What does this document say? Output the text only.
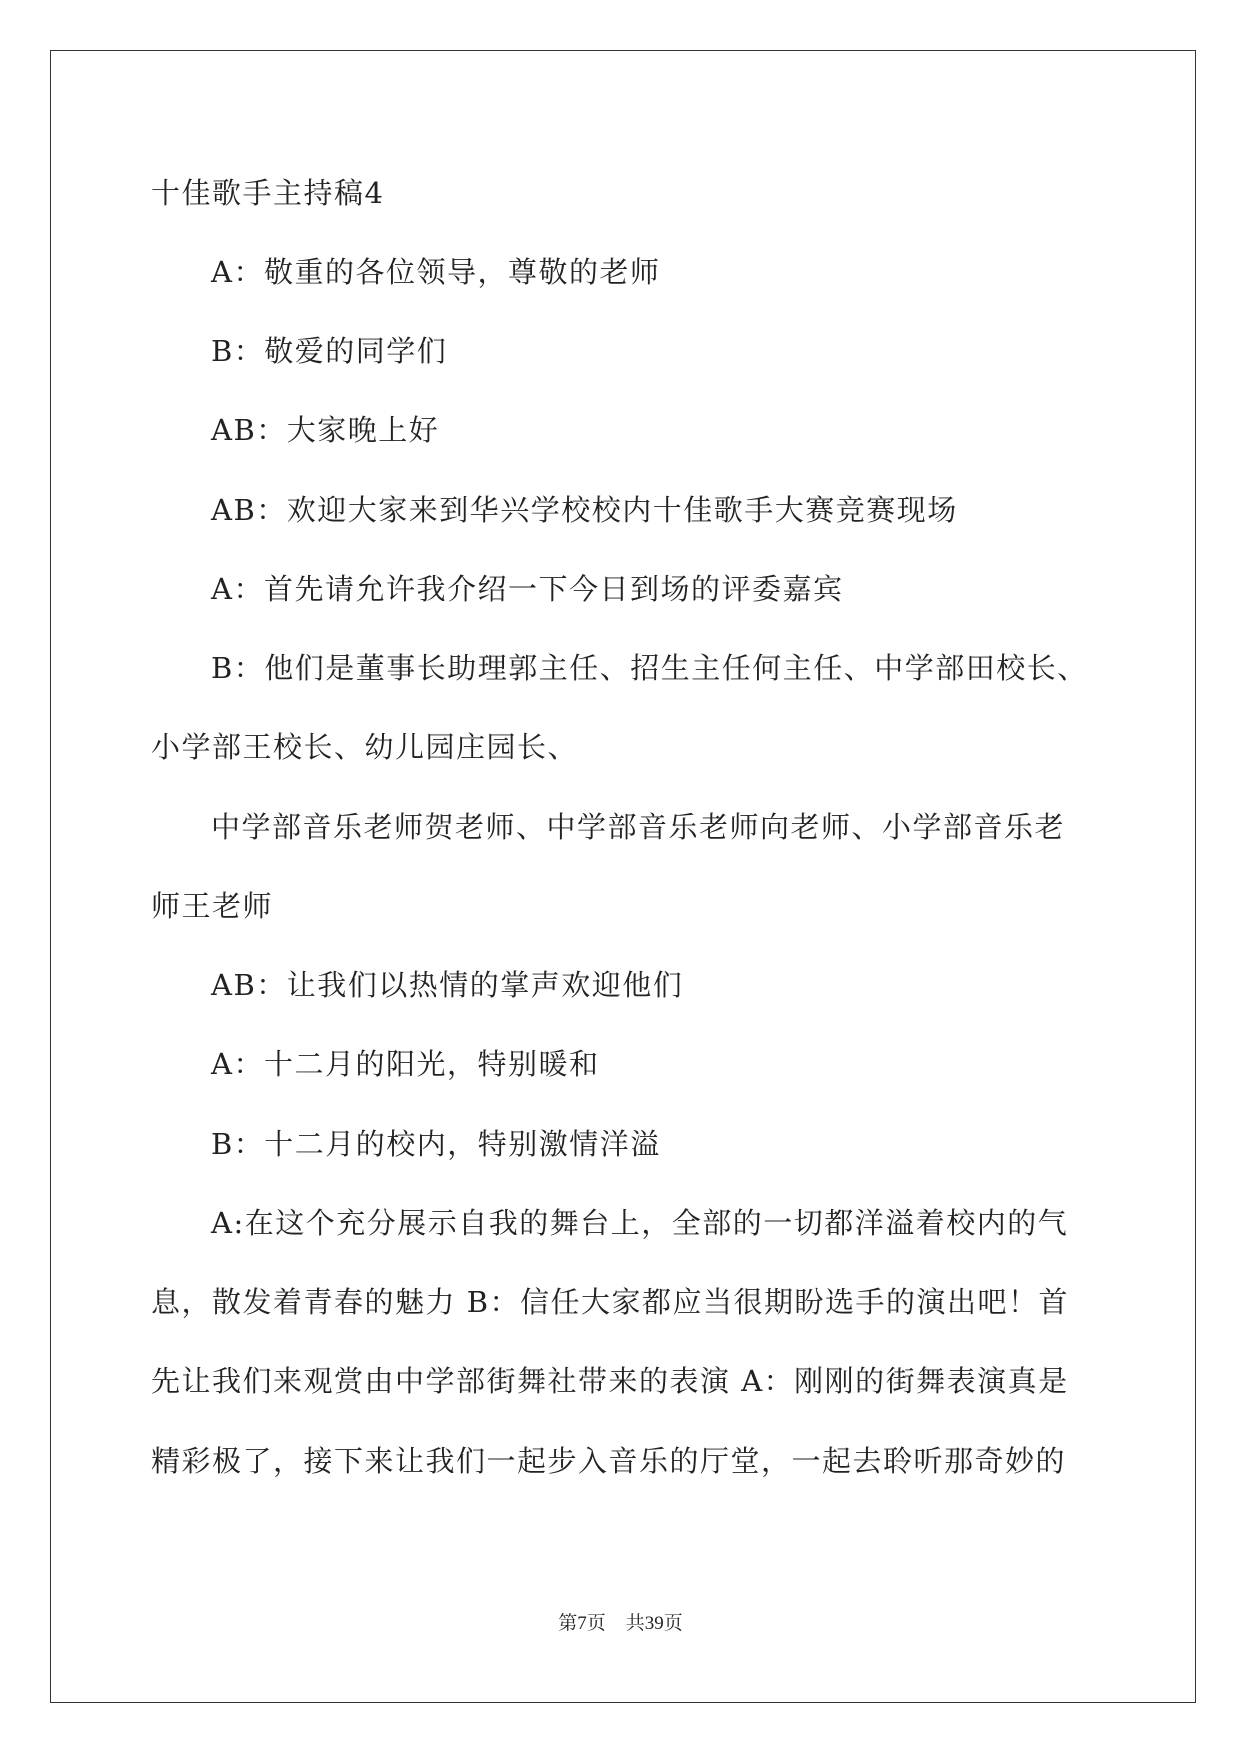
十佳歌手主持稿4
A：敬重的各位领导，尊敬的老师
B：敬爱的同学们
AB：大家晚上好
AB：欢迎大家来到华兴学校校内十佳歌手大赛竞赛现场
A：首先请允许我介绍一下今日到场的评委嘉宾
B：他们是董事长助理郭主任、招生主任何主任、中学部田校长、
小学部王校长、幼儿园庄园长、
中学部音乐老师贺老师、中学部音乐老师向老师、小学部音乐老
师王老师
AB：让我们以热情的掌声欢迎他们
A：十二月的阳光，特别暖和
B：十二月的校内，特别激情洋溢
A:在这个充分展示自我的舞台上，全部的一切都洋溢着校内的气
息，散发着青春的魅力 B：信任大家都应当很期盼选手的演出吧！首
先让我们来观赏由中学部街舞社带来的表演 A：刚刚的街舞表演真是
精彩极了，接下来让我们一起步入音乐的厅堂，一起去聆听那奇妙的
第7页 共39页
